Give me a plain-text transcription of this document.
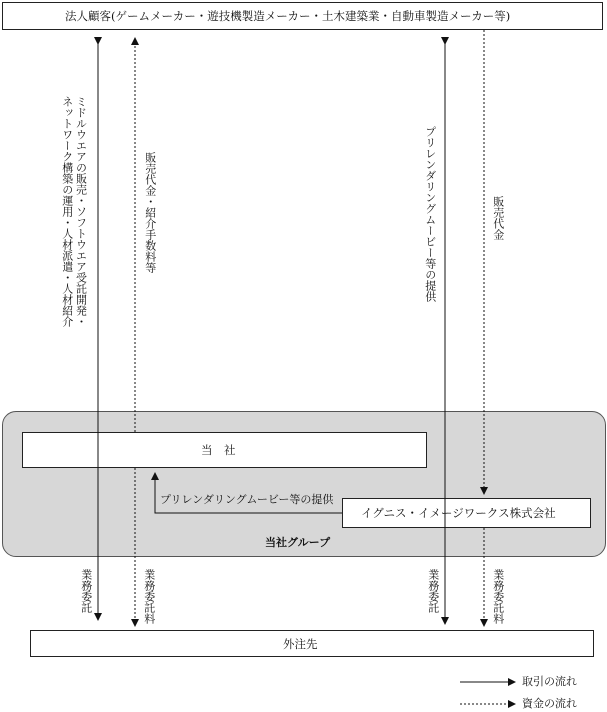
当社グループ
法人顧客(ゲームメーカー・遊技機製造メーカー・土木建築業・自動車製造メーカー等)
当　社
イグニス・イメージワークス株式会社
外注先
ミドルウエアの販売・ソフトウエア受託開発・
ネットワーク構築の運用・人材派遣・人材紹介	販売代金・紹介手数料等	プリレンダリングムービー等の提供	販売代金
業務委託	業務委託料	業務委託	業務委託料
プリレンダリングムービー等の提供
取引の流れ
資金の流れ
